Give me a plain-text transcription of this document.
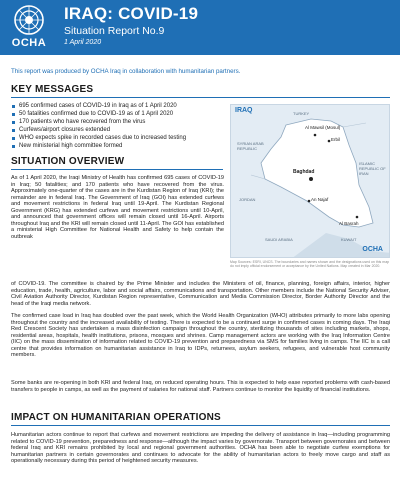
OCHA
IRAQ: COVID-19
Situation Report No.9
1 April 2020
This report was produced by OCHA Iraq in collaboration with humanitarian partners.
KEY MESSAGES
695 confirmed cases of COVID-19 in Iraq as of 1 April 2020
50 fatalities confirmed due to COVID-19 as of 1 April 2020
170 patients who have recovered from the virus
Curfews/airport closures extended
WHO expects spike in recorded cases due to increased testing
New ministerial high committee formed
IRAQ	TURKEY
SYRIAN ARAB REPUBLIC
ISLAMIC REPUBLIC OF IRAN
JORDAN
SAUDI ARABIA	KUWAIT
Erbil
Al Mawsil (Mosul)
Baghdad
An Najaf
Al Basrah
OCHA

Map Sources: ESRI, UNCS. The boundaries and names shown and the designations used on this map do not imply official endorsement or acceptance by the United Nations. Map created in Mar 2020.

SITUATION OVERVIEW

As of 1 April 2020, the Iraqi Ministry of Health has confirmed 695 cases of COVID-19 in Iraq; 50 fatalities; and 170 patients who have recovered from the virus. Approximately one-quarter of the cases are in the Kurdistan Region of Iraq (KRI); the remainder are in federal Iraq. The Government of Iraq (GOI) has extended curfews and movement restrictions in federal Iraq until 19-April. The Kurdistan Regional Government (KRG) has extended curfews and movement restrictions until 10-April, and announced that government offices will remain closed until 16-April. Airports throughout Iraq and the KRI will remain closed until 11-April. The GOI has established a ministerial High Committee for National Health and Safety to help contain the outbreak

of COVID-19. The committee is chaired by the Prime Minister and includes the Ministers of oil, finance, planning, foreign affairs, interior, higher education, trade, health, agriculture, labor and social affairs, communications and transportation. Other members include the National Security Adviser, Civil Aviation Authority Director, Kurdistan Region representative, Communication and Media Commission Director, Border Authority Director and the head of the Iraqi media network.

The confirmed case load in Iraq has doubled over the past week, which the World Health Organization (WHO) attributes primarily to more labs opening throughout the country and the increased availability of testing. There is expected to be a continued surge in confirmed cases in coming days. The Iraqi Red Crescent Society has undertaken a mass disinfection campaign throughout the country, sterilizing thousands of sites including markets, shops, residential areas, hospitals, health institutions, prisons, mosques and shrines. Camp management actors are working with the Iraq Information Centre (IIC) on the mass dissemination of information related to COVID-19 prevention and preparedness via SMS for families living in camps. The IIC is a call centre that provides information on humanitarian assistance in Iraq to IDPs, returnees, asylum seekers, refugees, and vulnerable host community members.

Some banks are re-opening in both KRI and federal Iraq, on reduced operating hours. This is expected to help ease reported problems with cash-based transfers to people in camps, as well as the payment of salaries for national staff. Partners continue to monitor the liquidity of financial institutions.

IMPACT ON HUMANITARIAN OPERATIONS

Humanitarian actors continue to report that curfews and movement restrictions are impeding the delivery of assistance in Iraq—including programming related to COVID-19 prevention, preparedness and response—although the impact varies by governorate. Transport between governorates and between federal Iraq and KRI remains prohibited by local and regional government authorities. OCHA has been able to negotiate curfew exemptions for humanitarian partners in certain governorates and continues to advocate for the ability of humanitarian actors to freely move cargo and staff as operationally necessary during this period of heightened security measures.
